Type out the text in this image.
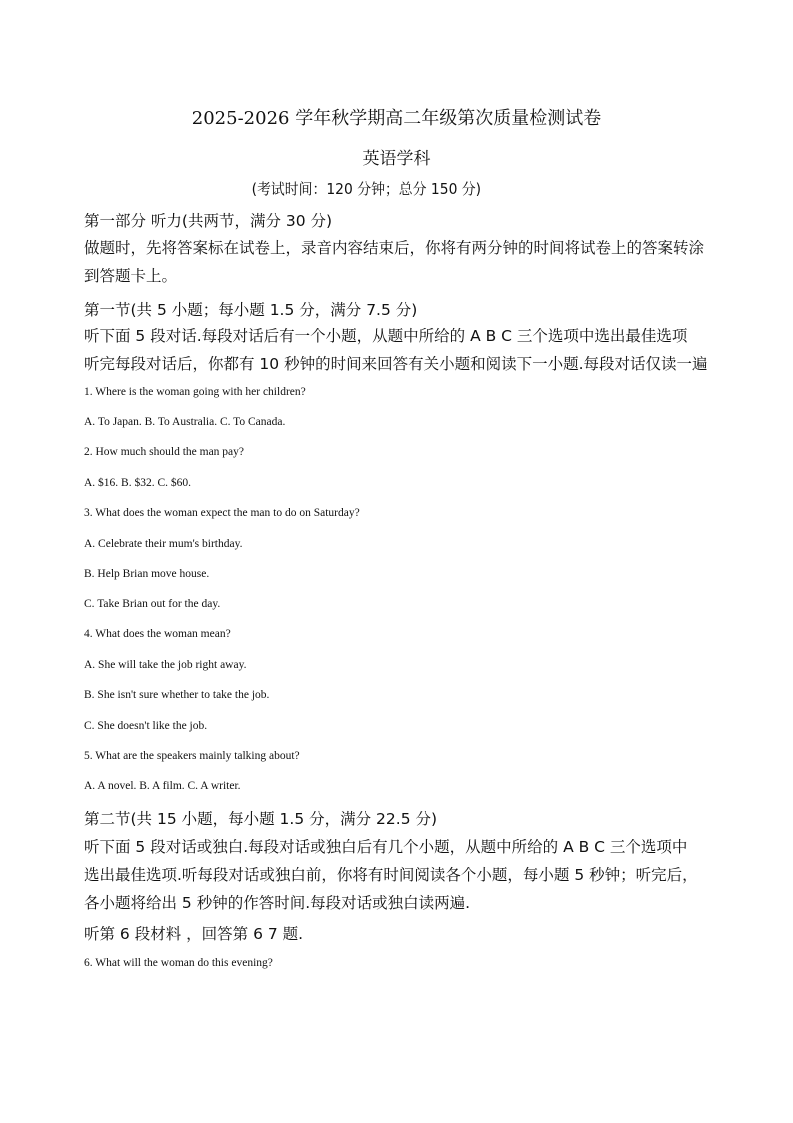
2025-2026 学年秋学期高二年级第次质量检测试卷
英语学科
(考试时间：120 分钟；总分 150 分)
第一部分 听力(共两节，满分 30 分)
做题时，先将答案标在试卷上，录音内容结束后，你将有两分钟的时间将试卷上的答案转涂
到答题卡上。
第一节(共 5 小题；每小题 1.5 分，满分 7.5 分)
听下面 5 段对话.每段对话后有一个小题，从题中所给的 A B C 三个选项中选出最佳选项
听完每段对话后，你都有 10 秒钟的时间来回答有关小题和阅读下一小题.每段对话仅读一遍
1. Where is the woman going with her children?
A. To Japan. B. To Australia. C. To Canada.
2. How much should the man pay?
A. $16. B. $32. C. $60.
3. What does the woman expect the man to do on Saturday?
A. Celebrate their mum's birthday.
B. Help Brian move house.
C. Take Brian out for the day.
4. What does the woman mean?
A. She will take the job right away.
B. She isn't sure whether to take the job.
C. She doesn't like the job.
5. What are the speakers mainly talking about?
A. A novel. B. A film. C. A writer.
第二节(共 15 小题，每小题 1.5 分，满分 22.5 分)
听下面 5 段对话或独白.每段对话或独白后有几个小题，从题中所给的 A B C 三个选项中
选出最佳选项.听每段对话或独白前，你将有时间阅读各个小题，每小题 5 秒钟；听完后，
各小题将给出 5 秒钟的作答时间.每段对话或独白读两遍.
听第 6 段材料 ，回答第 6 7 题.
6. What will the woman do this evening?
